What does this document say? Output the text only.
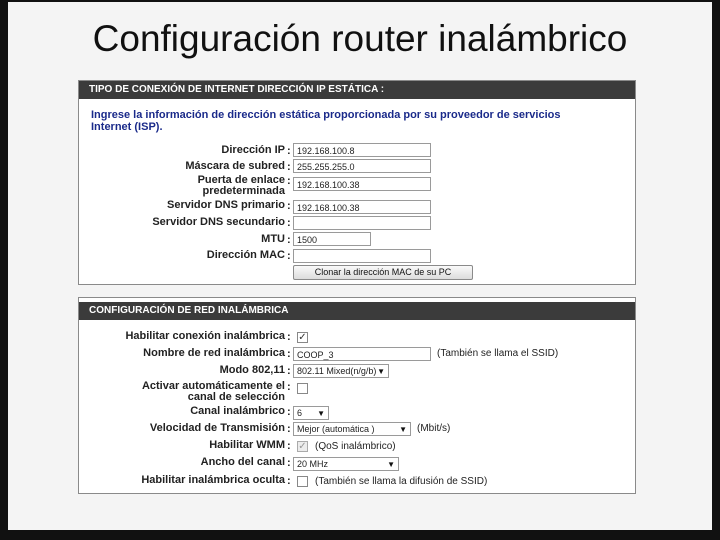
Configuración router inalámbrico
TIPO DE CONEXIÓN DE INTERNET DIRECCIÓN IP ESTÁTICA :
Ingrese la información de dirección estática proporcionada por su proveedor de servicios Internet (ISP).
Dirección IP : 192.168.100.8
Máscara de subred : 255.255.255.0
Puerta de enlace
predeterminada
: 192.168.100.38
Servidor DNS primario : 192.168.100.38
Servidor DNS secundario :
MTU : 1500
Dirección MAC :
Clonar la dirección MAC de su PC
CONFIGURACIÓN DE RED INALÁMBRICA
Habilitar conexión inalámbrica : ✓
Nombre de red inalámbrica : COOP_3	(También se llama el SSID)
Modo 802,11 : 802.11 Mixed(n/g/b) ▼
Activar automáticamente el
canal de selección
:
Canal inalámbrico : 6 ▼
Velocidad de Transmisión : Mejor (automática )	▼ (Mbit/s)
Habilitar WMM : ✓ (QoS inalámbrico)
Ancho del canal : 20 MHz	▼
Habilitar inalámbrica oculta : (También se llama la difusión de SSID)
